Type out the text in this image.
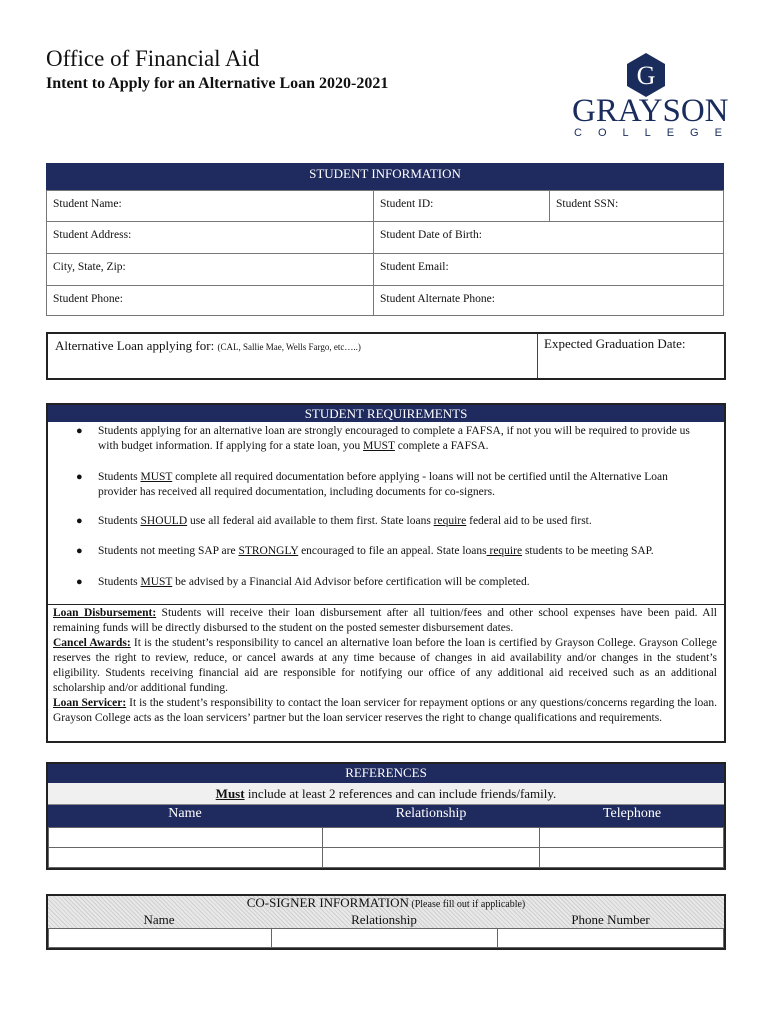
Office of Financial Aid
Intent to Apply for an Alternative Loan 2020-2021	G
GRAYSON
C O L L E G E
STUDENT INFORMATION
Student Name:	Student ID:	Student SSN:
Student Address:	Student Date of Birth:
City, State, Zip:	Student Email:
Student Phone:	Student Alternate Phone:
Alternative Loan applying for: (CAL, Sallie Mae, Wells Fargo, etc…..)	Expected Graduation Date:
STUDENT REQUIREMENTS
● Students applying for an alternative loan are strongly encouraged to complete a FAFSA, if not you will be required to provide us with budget information. If applying for a state loan, you MUST complete a FAFSA.
● Students MUST complete all required documentation before applying - loans will not be certified until the Alternative Loan provider has received all required documentation, including documents for co-signers.
● Students SHOULD use all federal aid available to them first. State loans require federal aid to be used first.
● Students not meeting SAP are STRONGLY encouraged to file an appeal. State loans require students to be meeting SAP.
● Students MUST be advised by a Financial Aid Advisor before certification will be completed.
Loan Disbursement: Students will receive their loan disbursement after all tuition/fees and other school expenses have been paid. All remaining funds will be directly disbursed to the student on the posted semester disbursement dates.
Cancel Awards: It is the student’s responsibility to cancel an alternative loan before the loan is certified by Grayson College. Grayson College reserves the right to review, reduce, or cancel awards at any time because of changes in aid availability and/or changes in the student’s eligibility. Students receiving financial aid are responsible for notifying our office of any additional aid received such as an additional scholarship and/or additional funding.
Loan Servicer: It is the student’s responsibility to contact the loan servicer for repayment options or any questions/concerns regarding the loan. Grayson College acts as the loan servicers’ partner but the loan servicer reserves the right to change qualifications and requirements.
REFERENCES
Must include at least 2 references and can include friends/family.
Name	Relationship	Telephone
CO-SIGNER INFORMATION (Please fill out if applicable)
Name	Relationship	Phone Number
